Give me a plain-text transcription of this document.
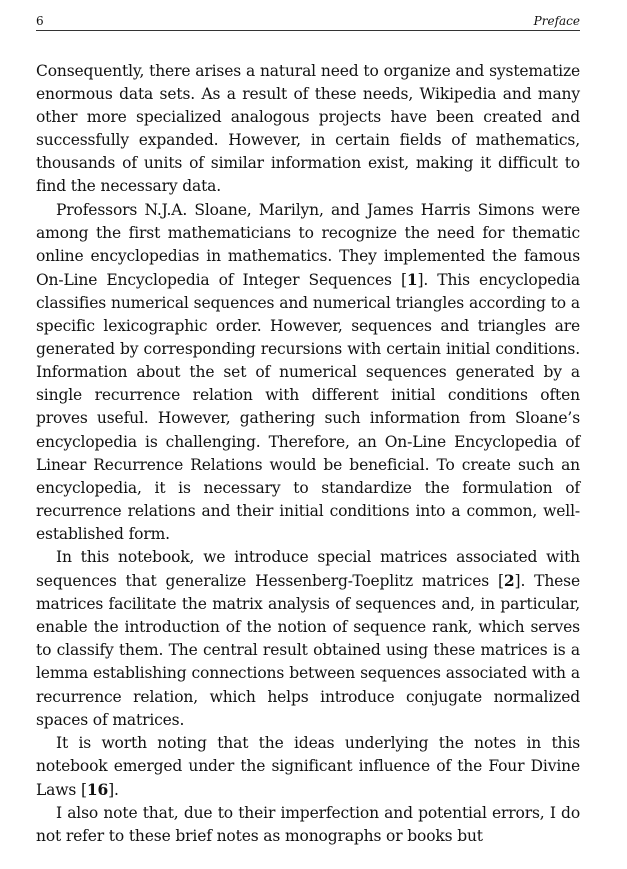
6	Preface

Consequently, there arises a natural need to organize and systematize enormous data sets. As a result of these needs, Wikipedia and many other more specialized analogous projects have been created and successfully expanded. However, in certain fields of mathematics, thousands of units of similar information exist, making it difficult to find the necessary data.

Professors N.J.A. Sloane, Marilyn, and James Harris Simons were among the first mathematicians to recognize the need for thematic online encyclopedias in mathematics. They implemented the famous On-Line Encyclopedia of Integer Sequences [1]. This encyclopedia classifies numerical sequences and numerical triangles according to a specific lexicographic order. However, sequences and triangles are generated by corresponding recursions with certain initial conditions. Information about the set of numerical sequences generated by a single recurrence relation with different initial conditions often proves useful. However, gathering such information from Sloane’s encyclopedia is challenging. Therefore, an On-Line Encyclopedia of Linear Recurrence Relations would be beneficial. To create such an encyclopedia, it is necessary to standardize the formulation of recurrence relations and their initial conditions into a common, well-established form.

In this notebook, we introduce special matrices associated with sequences that generalize Hessenberg-Toeplitz matrices [2]. These matrices facilitate the matrix analysis of sequences and, in particular, enable the introduction of the notion of sequence rank, which serves to classify them. The central result obtained using these matrices is a lemma establishing connections between sequences associated with a recurrence relation, which helps introduce conjugate normalized spaces of matrices.

It is worth noting that the ideas underlying the notes in this notebook emerged under the significant influence of the Four Divine Laws [16].

I also note that, due to their imperfection and potential errors, I do not refer to these brief notes as monographs or books but
